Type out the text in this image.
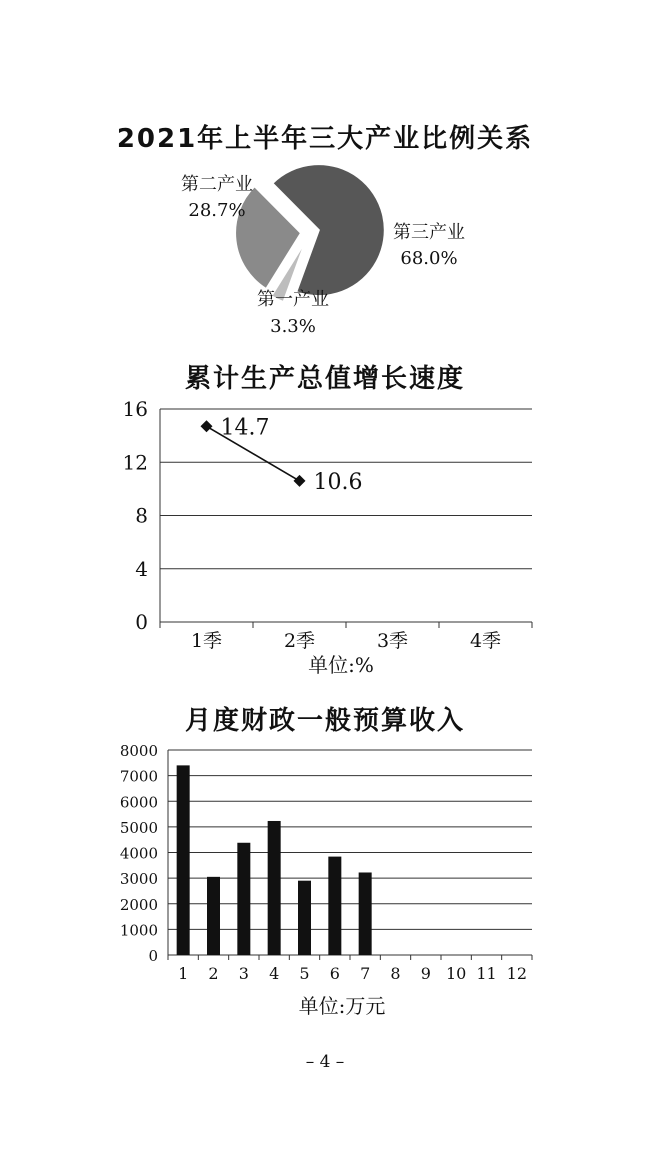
2021年上半年三大产业比例关系
第一产业
3.3%
第二产业
28.7%
第三产业
68.0%
累计生产总值增长速度
0
4
8
12
16
1季	2季	3季	4季
14.7
10.6
单位:%
月度财政一般预算收入
0
1000
2000
3000
4000
5000
6000
7000
8000
1 2 3 4 5 6 7 8 9 10 11 12
单位:万元
– 4 –
